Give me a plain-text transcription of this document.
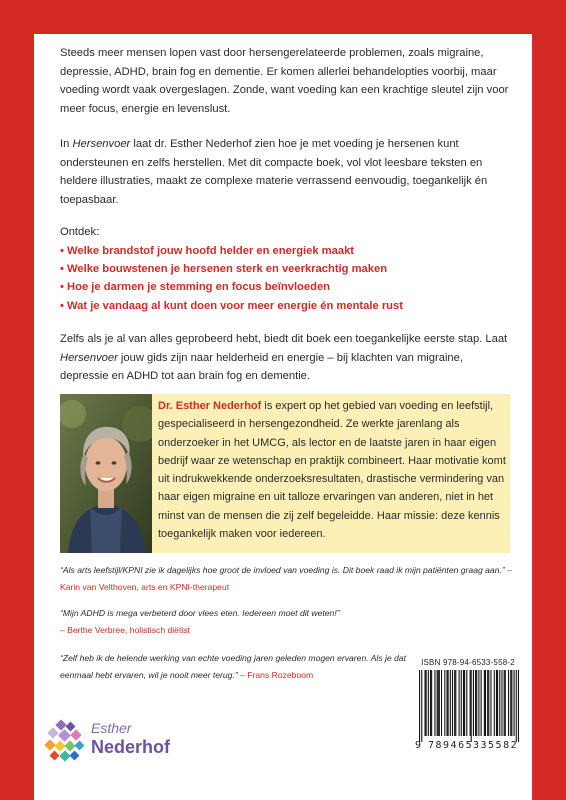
Steeds meer mensen lopen vast door hersengerelateerde problemen, zoals migraine, depressie, ADHD, brain fog en dementie. Er komen allerlei behandelopties voorbij, maar voeding wordt vaak overgeslagen. Zonde, want voeding kan een krachtige sleutel zijn voor meer focus, energie en levenslust.
In Hersenvoer laat dr. Esther Nederhof zien hoe je met voeding je hersenen kunt ondersteunen en zelfs herstellen. Met dit compacte boek, vol vlot leesbare teksten en heldere illustraties, maakt ze complexe materie verrassend eenvoudig, toegankelijk én toepasbaar.
Ontdek:
• Welke brandstof jouw hoofd helder en energiek maakt
• Welke bouwstenen je hersenen sterk en veerkrachtig maken
• Hoe je darmen je stemming en focus beïnvloeden
• Wat je vandaag al kunt doen voor meer energie én mentale rust
Zelfs als je al van alles geprobeerd hebt, biedt dit boek een toegankelijke eerste stap. Laat Hersenvoer jouw gids zijn naar helderheid en energie – bij klachten van migraine, depressie en ADHD tot aan brain fog en dementie.
Dr. Esther Nederhof is expert op het gebied van voeding en leefstijl, gespecialiseerd in hersengezondheid. Ze werkte jarenlang als onderzoeker in het UMCG, als lector en de laatste jaren in haar eigen bedrijf waar ze wetenschap en praktijk combineert. Haar motivatie komt uit indrukwekkende onderzoeksresultaten, drastische vermindering van haar eigen migraine en uit talloze ervaringen van anderen, niet in het minst van de mensen die zij zelf begeleidde. Haar missie: deze kennis toegankelijk maken voor iedereen.
“Als arts leefstijl/KPNI zie ik dagelijks hoe groot de invloed van voeding is. Dit boek raad ik mijn patiënten graag aan.” – Karin van Velthoven, arts en KPNI-therapeut
“Mijn ADHD is mega verbeterd door vlees eten. Iedereen moet dit weten!”
– Berthe Verbree, holistisch diëtist
“Zelf heb ik de helende werking van echte voeding jaren geleden mogen ervaren. Als je dat eenmaal hebt ervaren, wil je nooit meer terug.” – Frans Rozeboom
ISBN 978-94-6533-558-2
9 789465 335582
Esther
Nederhof
